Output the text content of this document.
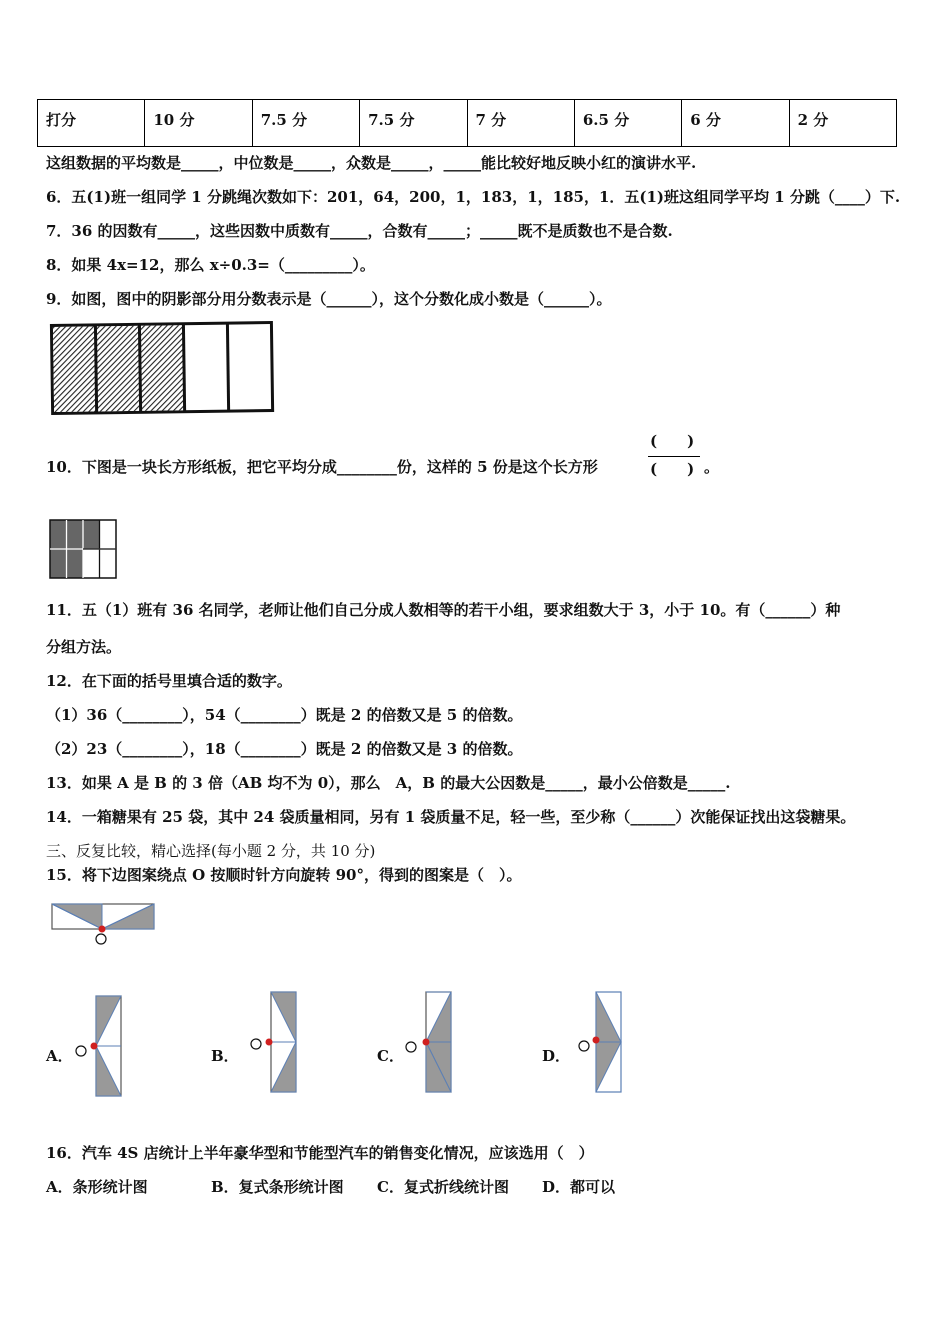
打分	10 分	7.5 分	7.5 分	7 分	6.5 分	6 分	2 分
这组数据的平均数是_____，中位数是_____，众数是_____，_____能比较好地反映小红的演讲水平.
6．五(1)班一组同学 1 分跳绳次数如下：201，64，200，1，183，1，185，1．五(1)班这组同学平均 1 分跳（____）下.
7．36 的因数有_____，这些因数中质数有_____，合数有_____；_____既不是质数也不是合数.
8．如果 4x=12，那么 x÷0.3=（_________）。
9．如图，图中的阴影部分用分数表示是（______），这个分数化成小数是（______）。
10．下图是一块长方形纸板，把它平均分成________份，这样的 5 份是这个长方形
(　　)
(　　) 。
11．五（1）班有 36 名同学，老师让他们自己分成人数相等的若干小组，要求组数大于 3，小于 10。有（______）种
分组方法。
12．在下面的括号里填合适的数字。
（1）36（________），54（________）既是 2 的倍数又是 5 的倍数。
（2）23（________），18（________）既是 2 的倍数又是 3 的倍数。
13．如果 A 是 B 的 3 倍（AB 均不为 0），那么　A，B 的最大公因数是_____，最小公倍数是_____.
14．一箱糖果有 25 袋，其中 24 袋质量相同，另有 1 袋质量不足，轻一些，至少称（______）次能保证找出这袋糖果。
三、反复比较，精心选择(每小题 2 分，共 10 分)
15．将下边图案绕点 O 按顺时针方向旋转 90°，得到的图案是（　）。
A．	B．	C．	D．
16．汽车 4S 店统计上半年豪华型和节能型汽车的销售变化情况，应该选用（　）
A．条形统计图	B．复式条形统计图 C．复式折线统计图 D．都可以
